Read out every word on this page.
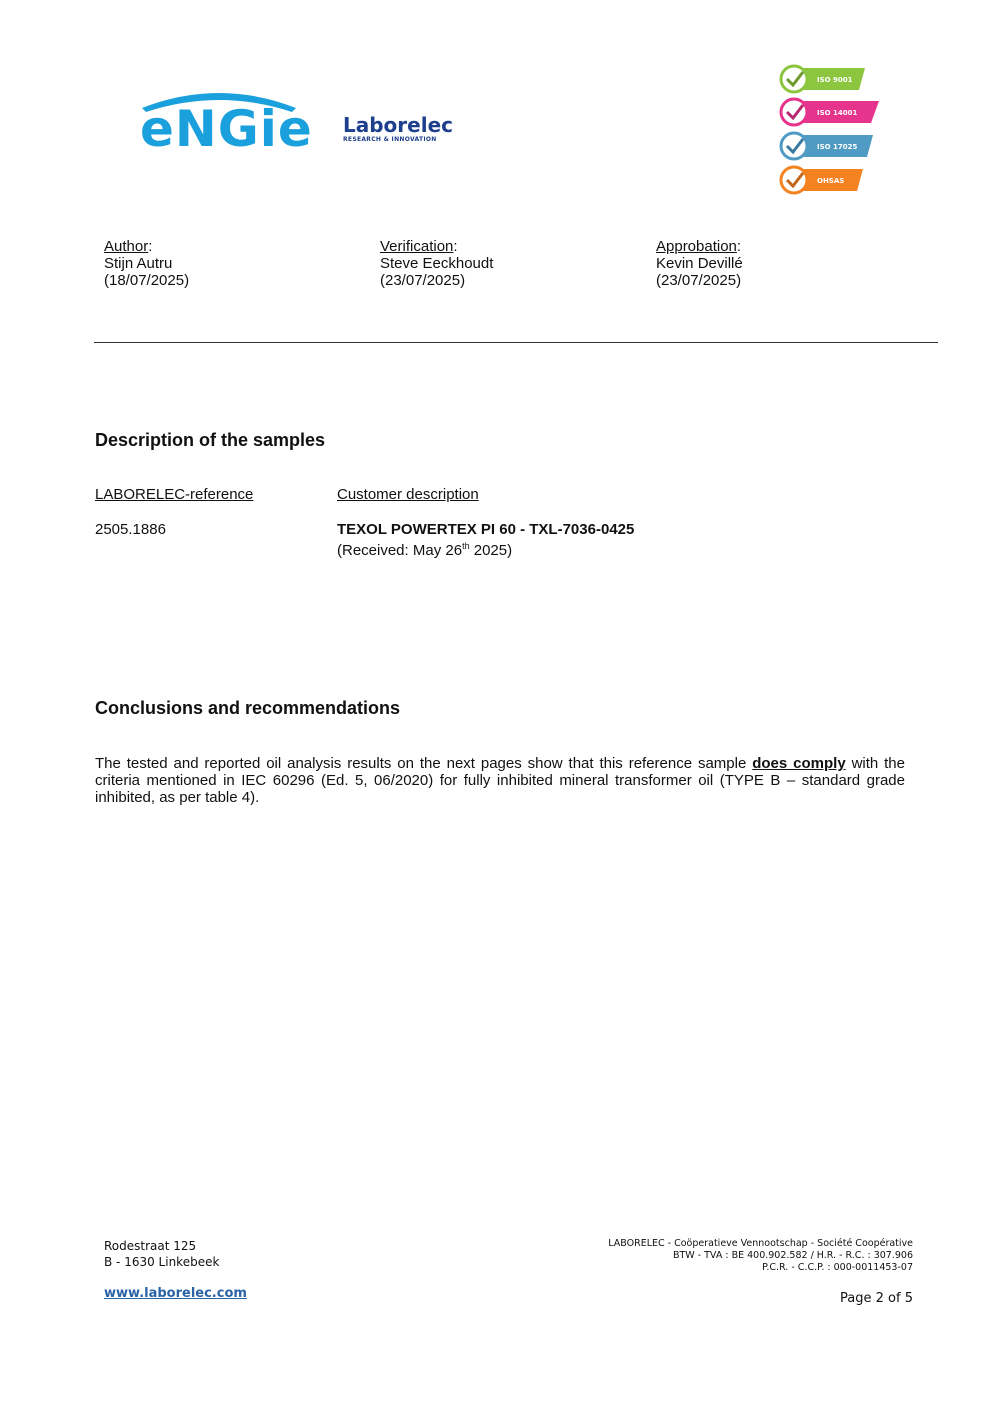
eNGie Laborelec
RESEARCH & INNOVATION
ISO 9001
ISO 14001
ISO 17025
OHSAS
Author:
Stijn Autru
(18/07/2025)
Verification:
Steve Eeckhoudt
(23/07/2025)
Approbation:
Kevin Devillé
(23/07/2025)
Description of the samples
LABORELEC-reference	Customer description
2505.1886	TEXOL POWERTEX PI 60 - TXL-7036-0425
(Received: May 26th 2025)
Conclusions and recommendations
The tested and reported oil analysis results on the next pages show that this reference sample does comply with the criteria mentioned in IEC 60296 (Ed. 5, 06/2020) for fully inhibited mineral transformer oil (TYPE B – standard grade inhibited, as per table 4).
Rodestraat 125
B - 1630 Linkebeek
www.laborelec.com
LABORELEC - Coöperatieve Vennootschap - Société Coopérative
BTW - TVA : BE 400.902.582 / H.R. - R.C. : 307.906
P.C.R. - C.C.P. : 000-0011453-07
Page 2 of 5
